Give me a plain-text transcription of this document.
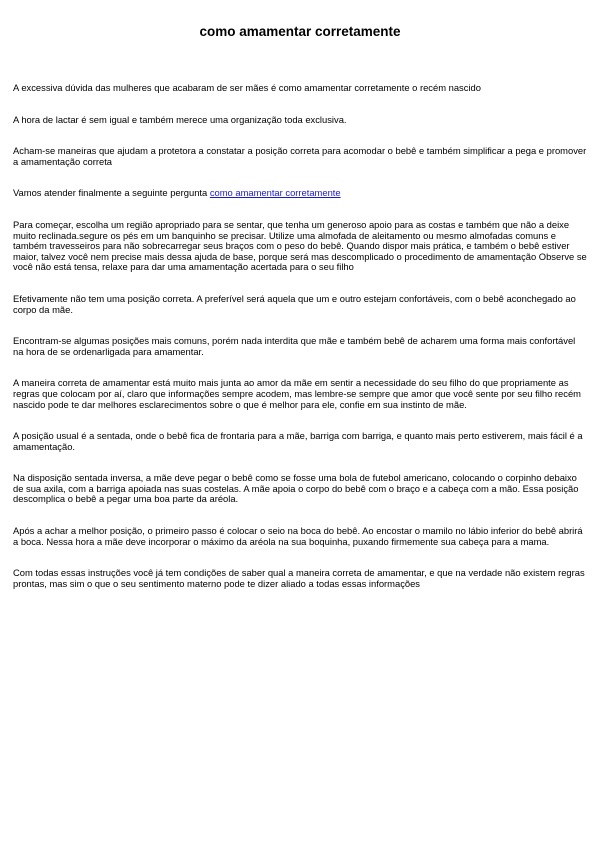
como amamentar corretamente

A excessiva dúvida das mulheres que acabaram de ser mães é como amamentar corretamente o recém nascido

A hora de lactar é sem igual e também merece uma organização toda exclusiva.

Acham-se maneiras que ajudam a protetora a constatar a posição correta para acomodar o bebê e também simplificar a pega e promover a amamentação correta

Vamos atender finalmente a seguinte pergunta como amamentar corretamente

Para começar, escolha um região apropriado para se sentar, que tenha um generoso apoio para as costas e também que não a deixe muito reclinada.segure os pés em um banquinho se precisar. Utilize uma almofada de aleitamento ou mesmo almofadas comuns e também travesseiros para não sobrecarregar seus braços com o peso do bebê. Quando dispor mais prática, e também o bebê estiver maior, talvez você nem precise mais dessa ajuda de base, porque será mas descomplicado o procedimento de amamentação Observe se você não está tensa, relaxe para dar uma amamentação acertada para o seu filho

Efetivamente não tem uma posição correta. A preferível será aquela que um e outro estejam confortáveis, com o bebê aconchegado ao corpo da mãe.

Encontram-se algumas posições mais comuns, porém nada interdita que mãe e também bebê de acharem uma forma mais confortável na hora de se ordenarligada para amamentar.

A maneira correta de amamentar está muito mais junta ao amor da mãe em sentir a necessidade do seu filho do que propriamente as regras que colocam por aí, claro que informações sempre acodem, mas lembre-se sempre que amor que você sente por seu filho recém nascido pode te dar melhores esclarecimentos sobre o que é melhor para ele, confie em sua instinto de mãe.

A posição usual é a sentada, onde o bebê fica de frontaria para a mãe, barriga com barriga, e quanto mais perto estiverem, mais fácil é a amamentação.

Na disposição sentada inversa, a mãe deve pegar o bebê como se fosse uma bola de futebol americano, colocando o corpinho debaixo de sua axila, com a barriga apoiada nas suas costelas. A mãe apoia o corpo do bebê com o braço e a cabeça com a mão. Essa posição descomplica o bebê a pegar uma boa parte da aréola.

Após a achar a melhor posição, o primeiro passo é colocar o seio na boca do bebê. Ao encostar o mamilo no lábio inferior do bebê abrirá a boca. Nessa hora a mãe deve incorporar o máximo da aréola na sua boquinha, puxando firmemente sua cabeça para a mama.

Com todas essas instruções você já tem condições de saber qual a maneira correta de amamentar, e que na verdade não existem regras prontas, mas sim o que o seu sentimento materno pode te dizer aliado a todas essas informações
